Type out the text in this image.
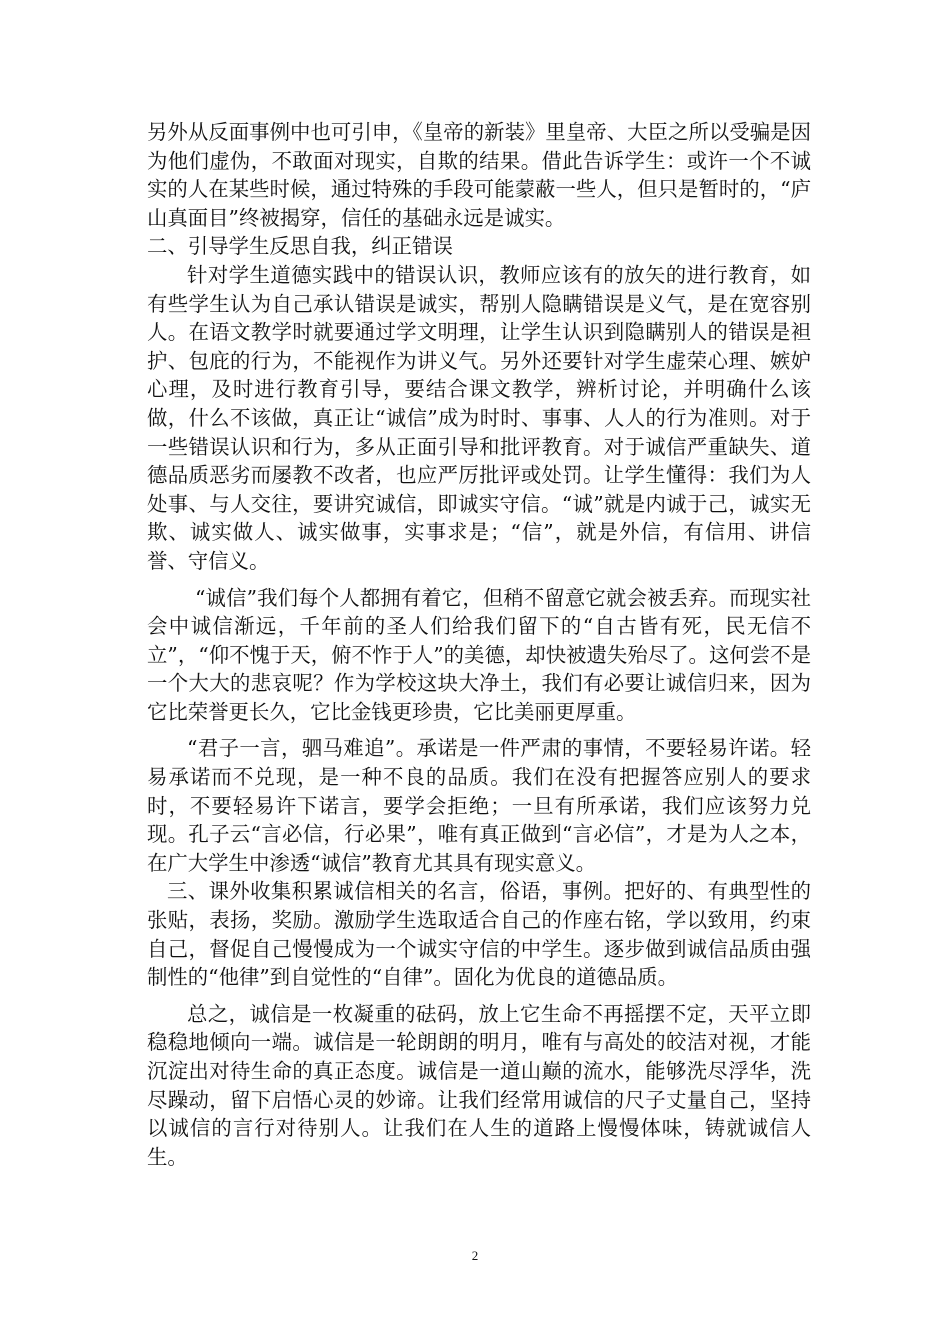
另外从反面事例中也可引申，《皇帝的新装》里皇帝、大臣之所以受骗是因为他们虚伪，不敢面对现实，自欺的结果。借此告诉学生：或许一个不诚实的人在某些时候，通过特殊的手段可能蒙蔽一些人，但只是暂时的，“庐山真面目”终被揭穿，信任的基础永远是诚实。

二、引导学生反思自我，纠正错误

针对学生道德实践中的错误认识，教师应该有的放矢的进行教育，如有些学生认为自己承认错误是诚实，帮别人隐瞒错误是义气，是在宽容别人。在语文教学时就要通过学文明理，让学生认识到隐瞒别人的错误是袒护、包庇的行为，不能视作为讲义气。另外还要针对学生虚荣心理、嫉妒心理，及时进行教育引导，要结合课文教学，辨析讨论，并明确什么该做，什么不该做，真正让“诚信”成为时时、事事、人人的行为准则。对于一些错误认识和行为，多从正面引导和批评教育。对于诚信严重缺失、道德品质恶劣而屡教不改者，也应严厉批评或处罚。让学生懂得：我们为人处事、与人交往，要讲究诚信，即诚实守信。“诚”就是内诚于己，诚实无欺、诚实做人、诚实做事，实事求是；“信”，就是外信，有信用、讲信誉、守信义。

“诚信”我们每个人都拥有着它，但稍不留意它就会被丢弃。而现实社会中诚信渐远，千年前的圣人们给我们留下的“自古皆有死，民无信不立”，“仰不愧于天，俯不怍于人”的美德，却快被遗失殆尽了。这何尝不是一个大大的悲哀呢？作为学校这块大净土，我们有必要让诚信归来，因为它比荣誉更长久，它比金钱更珍贵，它比美丽更厚重。

“君子一言，驷马难追”。承诺是一件严肃的事情，不要轻易许诺。轻易承诺而不兑现，是一种不良的品质。我们在没有把握答应别人的要求时，不要轻易许下诺言，要学会拒绝；一旦有所承诺，我们应该努力兑现。孔子云“言必信，行必果”，唯有真正做到“言必信”，才是为人之本，在广大学生中渗透“诚信”教育尤其具有现实意义。

三、课外收集积累诚信相关的名言，俗语，事例。把好的、有典型性的张贴，表扬，奖励。激励学生选取适合自己的作座右铭，学以致用，约束自己，督促自己慢慢成为一个诚实守信的中学生。逐步做到诚信品质由强制性的“他律”到自觉性的“自律”。固化为优良的道德品质。

总之，诚信是一枚凝重的砝码，放上它生命不再摇摆不定，天平立即稳稳地倾向一端。诚信是一轮朗朗的明月，唯有与高处的皎洁对视，才能沉淀出对待生命的真正态度。诚信是一道山巅的流水，能够洗尽浮华，洗尽躁动，留下启悟心灵的妙谛。让我们经常用诚信的尺子丈量自己，坚持以诚信的言行对待别人。让我们在人生的道路上慢慢体味，铸就诚信人生。

2
